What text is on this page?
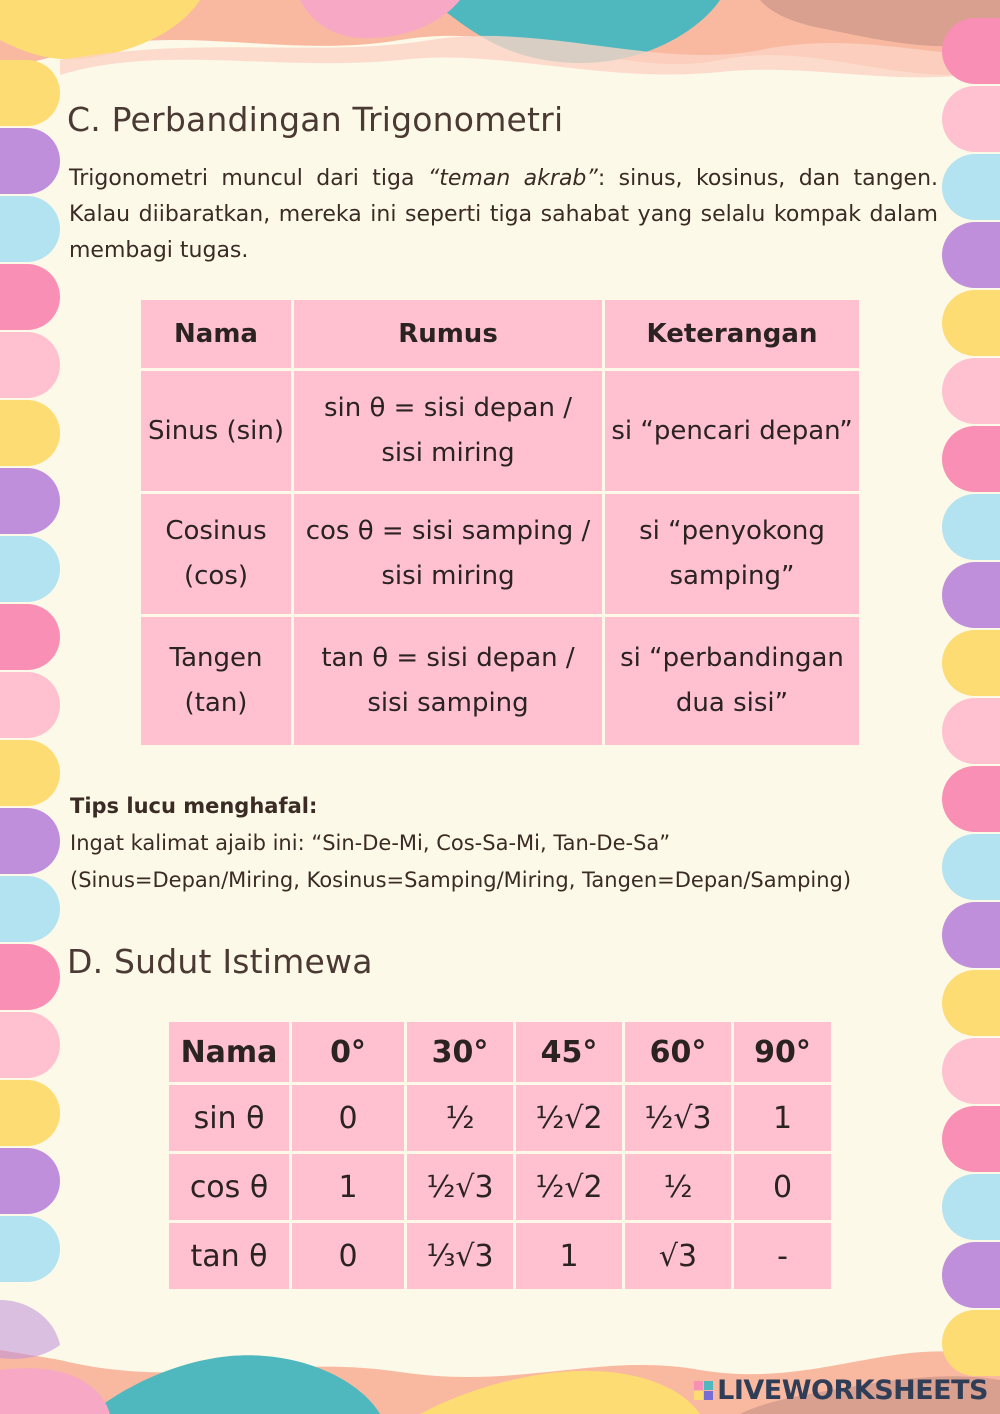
C. Perbandingan Trigonometri

Trigonometri muncul dari tiga “teman akrab”: sinus, kosinus, dan tangen. Kalau diibaratkan, mereka ini seperti tiga sahabat yang selalu kompak dalam membagi tugas.

Nama	Rumus	Keterangan
Sinus (sin)	sin θ = sisi depan / sisi miring	si “pencari depan”
Cosinus (cos)	cos θ = sisi samping / sisi miring	si “penyokong samping”
Tangen (tan)	tan θ = sisi depan / sisi samping	si “perbandingan dua sisi”
Tips lucu menghafal:
Ingat kalimat ajaib ini: “Sin-De-Mi, Cos-Sa-Mi, Tan-De-Sa”
(Sinus=Depan/Miring, Kosinus=Samping/Miring, Tangen=Depan/Samping)
D. Sudut Istimewa
Nama	0°	30°	45°	60°	90°
sin θ	0	½	½√2	½√3	1
cos θ	1	½√3	½√2	½	0
tan θ	0	⅓√3	1	√3	-
LIVEWORKSHEETS
